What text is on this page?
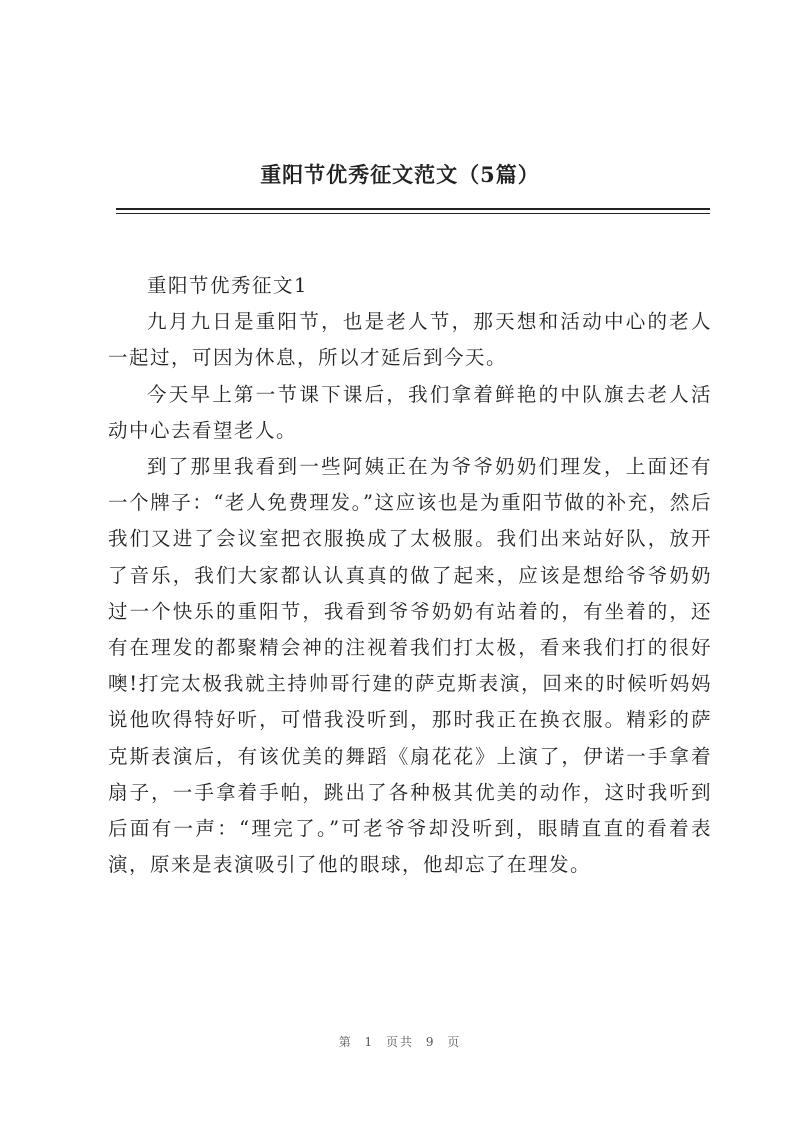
重阳节优秀征文范文（5篇）

重阳节优秀征文1

九月九日是重阳节，也是老人节，那天想和活动中心的老人一起过，可因为休息，所以才延后到今天。

今天早上第一节课下课后，我们拿着鲜艳的中队旗去老人活动中心去看望老人。

到了那里我看到一些阿姨正在为爷爷奶奶们理发，上面还有一个牌子：“老人免费理发。”这应该也是为重阳节做的补充，然后我们又进了会议室把衣服换成了太极服。我们出来站好队，放开了音乐，我们大家都认认真真的做了起来，应该是想给爷爷奶奶过一个快乐的重阳节，我看到爷爷奶奶有站着的，有坐着的，还有在理发的都聚精会神的注视着我们打太极，看来我们打的很好噢!打完太极我就主持帅哥行建的萨克斯表演，回来的时候听妈妈说他吹得特好听，可惜我没听到，那时我正在换衣服。精彩的萨克斯表演后，有该优美的舞蹈《扇花花》上演了，伊诺一手拿着扇子，一手拿着手帕，跳出了各种极其优美的动作，这时我听到后面有一声：“理完了。”可老爷爷却没听到，眼睛直直的看着表演，原来是表演吸引了他的眼球，他却忘了在理发。

第 1 页共 9 页
